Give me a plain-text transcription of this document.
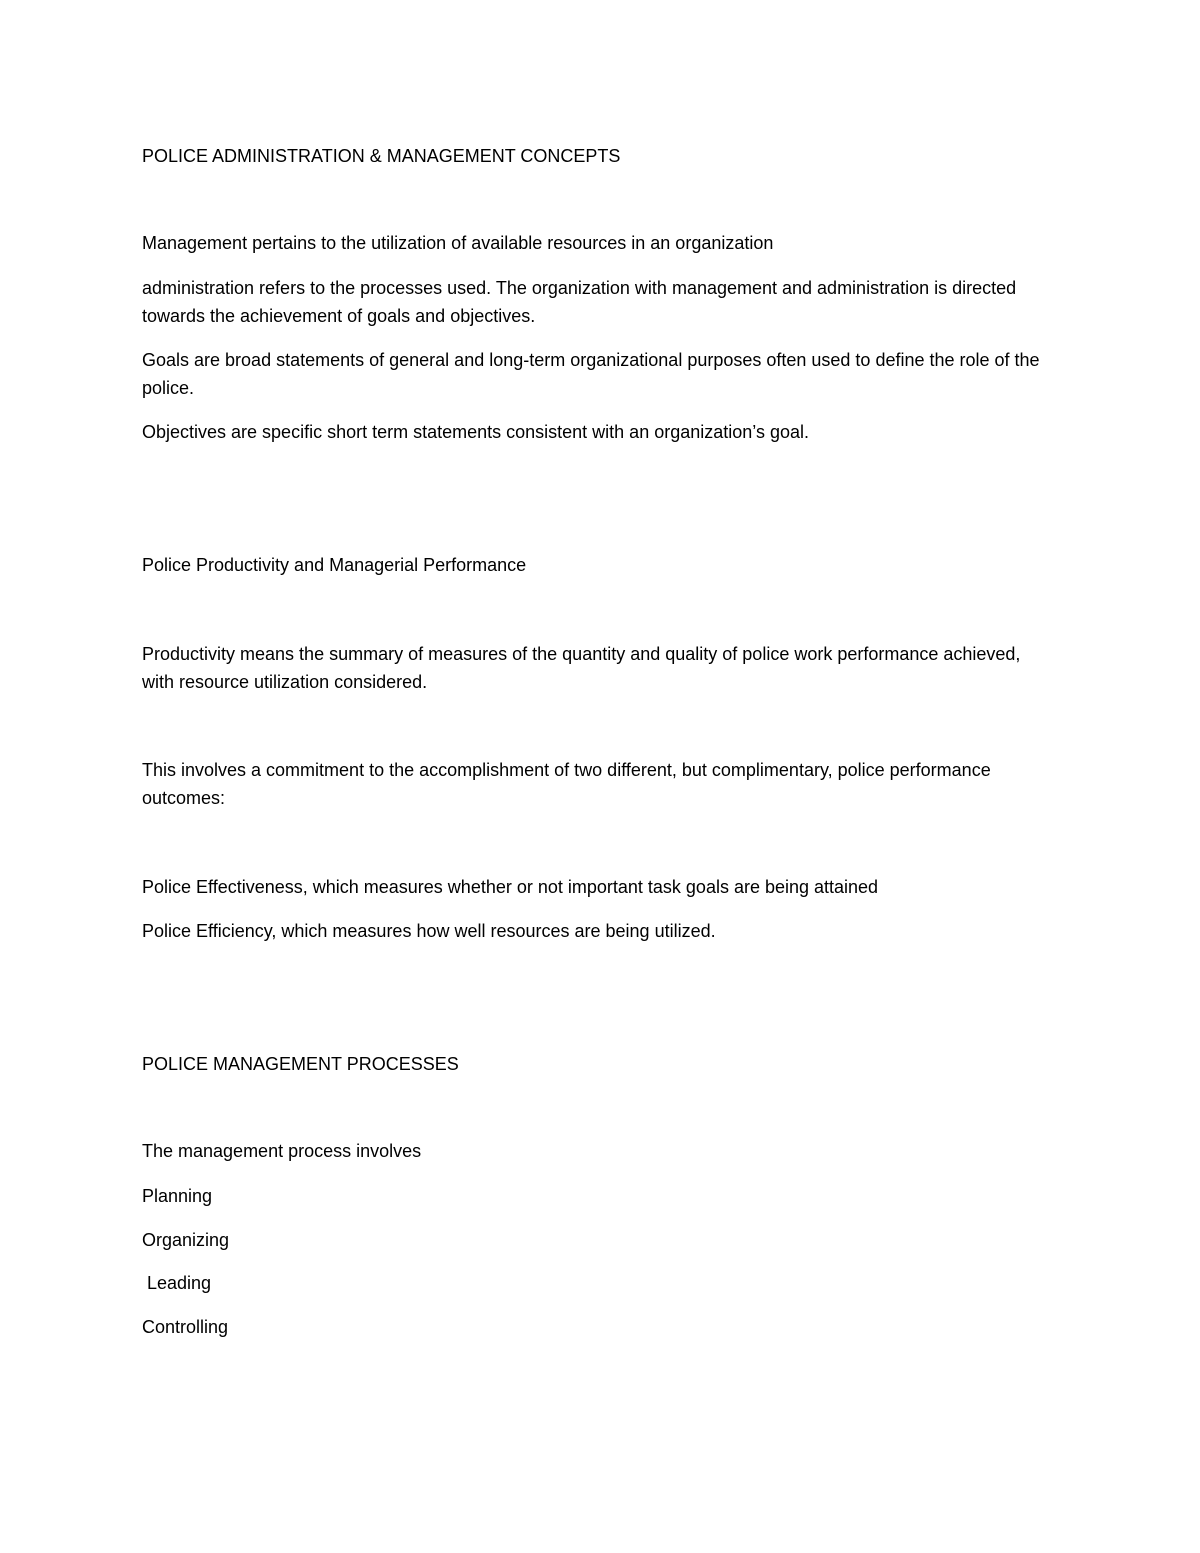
POLICE ADMINISTRATION & MANAGEMENT CONCEPTS

Management pertains to the utilization of available resources in an organization

administration refers to the processes used. The organization with management and administration is directed towards the achievement of goals and objectives.

Goals are broad statements of general and long-term organizational purposes often used to define the role of the police.

Objectives are specific short term statements consistent with an organization’s goal.

Police Productivity and Managerial Performance

Productivity means the summary of measures of the quantity and quality of police work performance achieved, with resource utilization considered.

This involves a commitment to the accomplishment of two different, but complimentary, police performance outcomes:

Police Effectiveness, which measures whether or not important task goals are being attained

Police Efficiency, which measures how well resources are being utilized.

POLICE MANAGEMENT PROCESSES

The management process involves

Planning

Organizing

Leading

Controlling
